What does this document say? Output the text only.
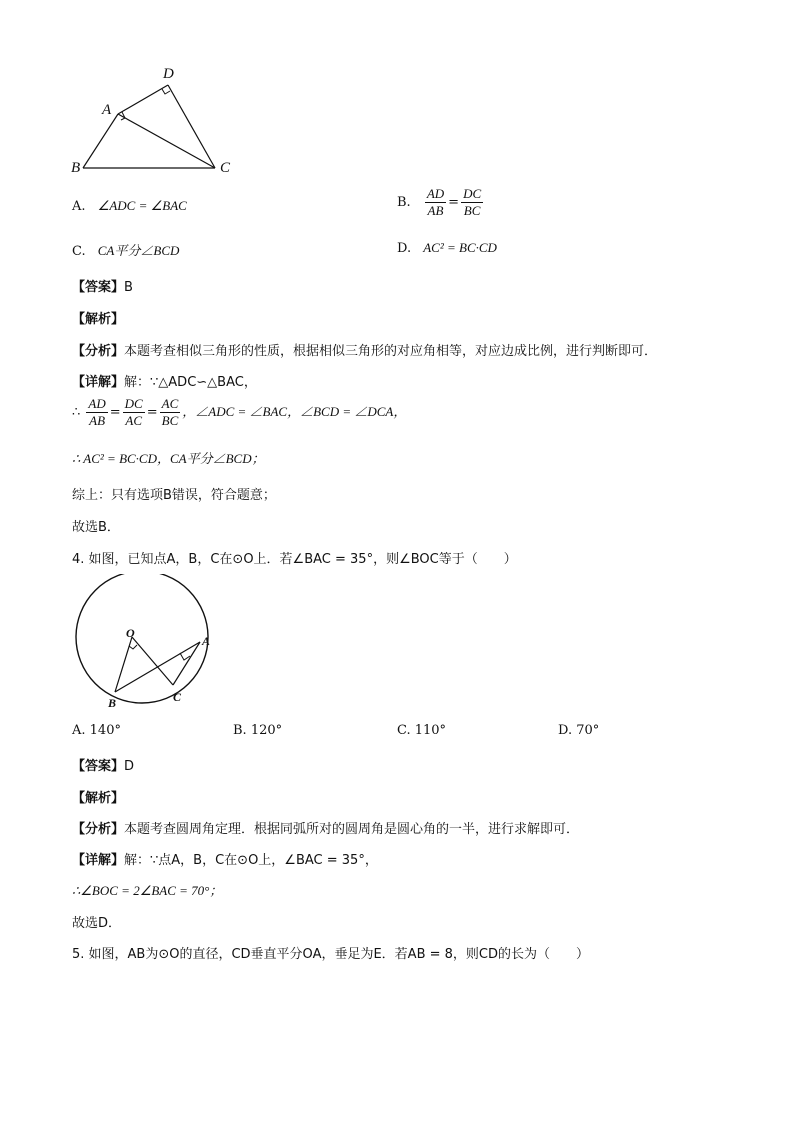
D
A
B	C
A. ∠ADC = ∠BAC	B. $\frac{AD}{AB} = \frac{DC}{BC}$
C. CA平分∠BCD	D. AC² = BC·CD
【答案】B
【解析】
【分析】本题考查相似三角形的性质，根据相似三角形的对应角相等，对应边成比例，进行判断即可．
【详解】解：∵△ADC∽△BAC，
∴ $\frac{AD}{AB} = \frac{DC}{AC} = \frac{AC}{BC}$ ，∠ADC = ∠BAC，∠BCD = ∠DCA，
∴ AC² = BC·CD，CA平分∠BCD；
综上：只有选项B错误，符合题意；
故选B．
4. 如图，已知点A，B，C在⊙O上．若∠BAC = 35°，则∠BOC等于（　　）
O
A
B	C
A. 140°	B. 120°	C. 110°	D. 70°
【答案】D
【解析】
【分析】本题考查圆周角定理．根据同弧所对的圆周角是圆心角的一半，进行求解即可．
【详解】解：∵点A，B，C在⊙O上，∠BAC = 35°，
∴∠BOC = 2∠BAC = 70°；
故选D．
5. 如图，AB为⊙O的直径，CD垂直平分OA，垂足为E．若AB = 8，则CD的长为（　　）
